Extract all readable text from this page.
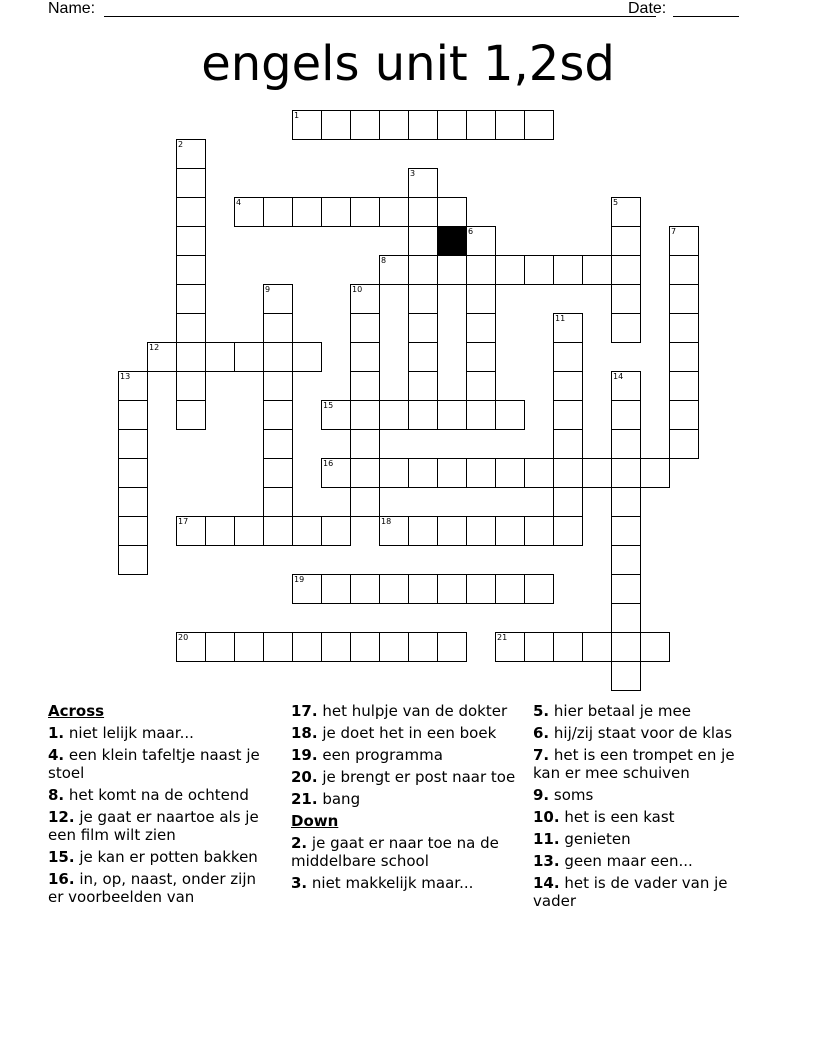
Name:	Date:
engels unit 1,2sd
1
2
3
4	5
6	7
8
9	10
11
12
13	14
15
16
17	18
19
20	21
Across
1. niet lelijk maar...
4. een klein tafeltje naast je stoel
8. het komt na de ochtend
12. je gaat er naartoe als je een film wilt zien
15. je kan er potten bakken
16. in, op, naast, onder zijn er voorbeelden van
17. het hulpje van de dokter
18. je doet het in een boek
19. een programma
20. je brengt er post naar toe
21. bang
Down
2. je gaat er naar toe na de middelbare school
3. niet makkelijk maar...
5. hier betaal je mee
6. hij/zij staat voor de klas
7. het is een trompet en je kan er mee schuiven
9. soms
10. het is een kast
11. genieten
13. geen maar een...
14. het is de vader van je vader
